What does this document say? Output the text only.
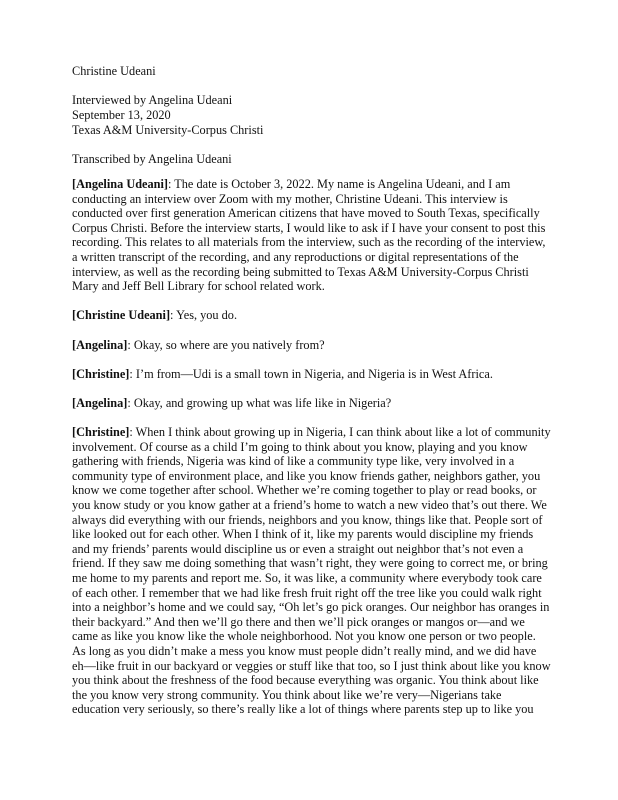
Christine Udeani

Interviewed by Angelina Udeani

September 13, 2020

Texas A&M University-Corpus Christi

Transcribed by Angelina Udeani

[Angelina Udeani]: The date is October 3, 2022. My name is Angelina Udeani, and I am
conducting an interview over Zoom with my mother, Christine Udeani. This interview is
conducted over first generation American citizens that have moved to South Texas, specifically
Corpus Christi. Before the interview starts, I would like to ask if I have your consent to post this
recording. This relates to all materials from the interview, such as the recording of the interview,
a written transcript of the recording, and any reproductions or digital representations of the
interview, as well as the recording being submitted to Texas A&M University-Corpus Christi
Mary and Jeff Bell Library for school related work.

[Christine Udeani]: Yes, you do.

[Angelina]: Okay, so where are you natively from?

[Christine]: I’m from—Udi is a small town in Nigeria, and Nigeria is in West Africa.

[Angelina]: Okay, and growing up what was life like in Nigeria?

[Christine]: When I think about growing up in Nigeria, I can think about like a lot of community
involvement. Of course as a child I’m going to think about you know, playing and you know
gathering with friends, Nigeria was kind of like a community type like, very involved in a
community type of environment place, and like you know friends gather, neighbors gather, you
know we come together after school. Whether we’re coming together to play or read books, or
you know study or you know gather at a friend’s home to watch a new video that’s out there. We
always did everything with our friends, neighbors and you know, things like that. People sort of
like looked out for each other. When I think of it, like my parents would discipline my friends
and my friends’ parents would discipline us or even a straight out neighbor that’s not even a
friend. If they saw me doing something that wasn’t right, they were going to correct me, or bring
me home to my parents and report me. So, it was like, a community where everybody took care
of each other. I remember that we had like fresh fruit right off the tree like you could walk right
into a neighbor’s home and we could say, “Oh let’s go pick oranges. Our neighbor has oranges in
their backyard.” And then we’ll go there and then we’ll pick oranges or mangos or—and we
came as like you know like the whole neighborhood. Not you know one person or two people.
As long as you didn’t make a mess you know must people didn’t really mind, and we did have
eh—like fruit in our backyard or veggies or stuff like that too, so I just think about like you know
you think about the freshness of the food because everything was organic. You think about like
the you know very strong community. You think about like we’re very—Nigerians take
education very seriously, so there’s really like a lot of things where parents step up to like you
